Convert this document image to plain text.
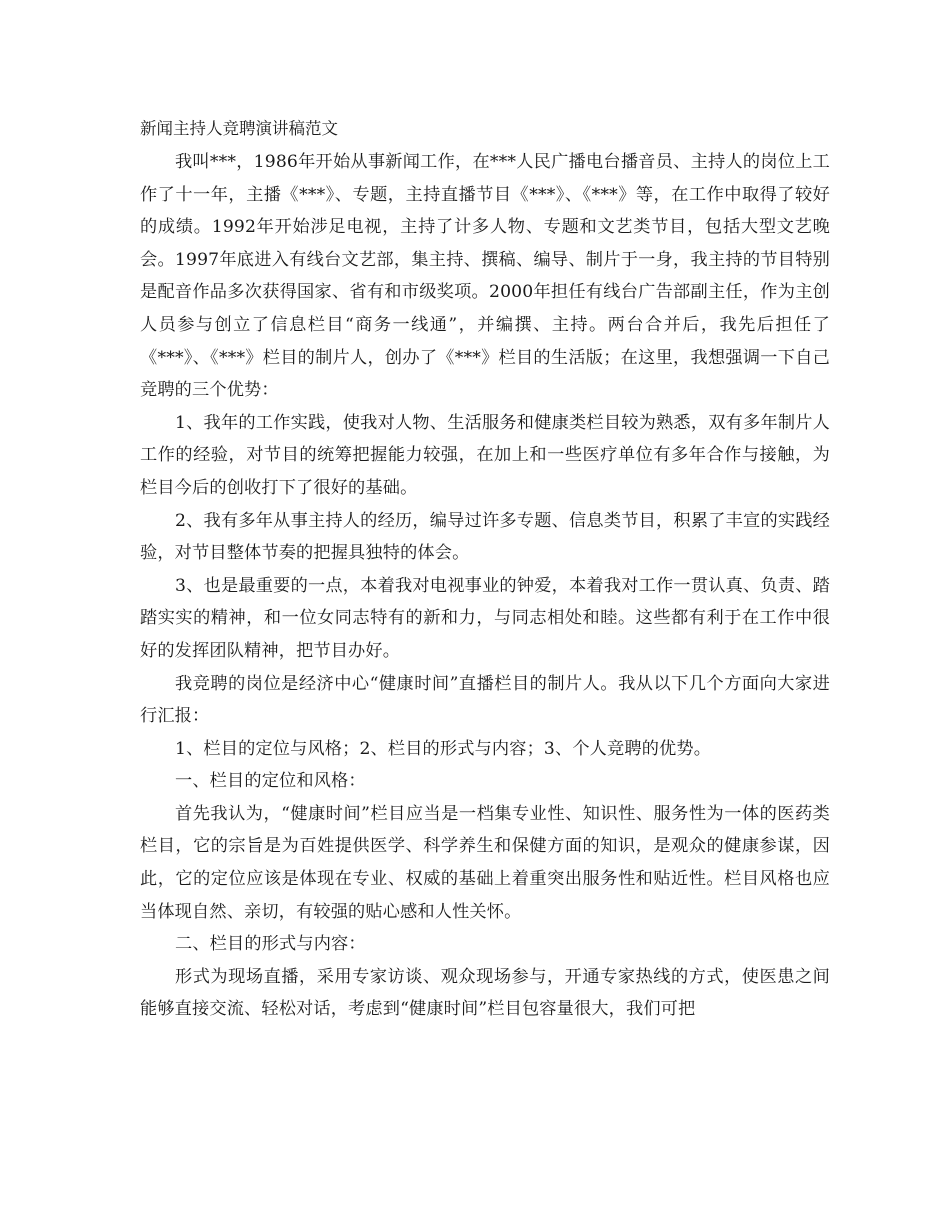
新闻主持人竞聘演讲稿范文

我叫***，1986年开始从事新闻工作，在***人民广播电台播音员、主持人的岗位上工作了十一年，主播《***》、专题，主持直播节目《***》、《***》等，在工作中取得了较好的成绩。1992年开始涉足电视，主持了计多人物、专题和文艺类节目，包括大型文艺晚会。1997年底进入有线台文艺部，集主持、撰稿、编导、制片于一身，我主持的节目特别是配音作品多次获得国家、省有和市级奖项。2000年担任有线台广告部副主任，作为主创人员参与创立了信息栏目“商务一线通”，并编撰、主持。两台合并后，我先后担任了《***》、《***》栏目的制片人，创办了《***》栏目的生活版；在这里，我想强调一下自己竞聘的三个优势：

1、我年的工作实践，使我对人物、生活服务和健康类栏目较为熟悉，双有多年制片人工作的经验，对节目的统筹把握能力较强，在加上和一些医疗单位有多年合作与接触，为栏目今后的创收打下了很好的基础。

2、我有多年从事主持人的经历，编导过许多专题、信息类节目，积累了丰宣的实践经验，对节目整体节奏的把握具独特的体会。

3、也是最重要的一点，本着我对电视事业的钟爱，本着我对工作一贯认真、负责、踏踏实实的精神，和一位女同志特有的新和力，与同志相处和睦。这些都有利于在工作中很好的发挥团队精神，把节目办好。

我竞聘的岗位是经济中心“健康时间”直播栏目的制片人。我从以下几个方面向大家进行汇报：

1、栏目的定位与风格；2、栏目的形式与内容；3、个人竞聘的优势。

一、栏目的定位和风格：

首先我认为，“健康时间”栏目应当是一档集专业性、知识性、服务性为一体的医药类栏目，它的宗旨是为百姓提供医学、科学养生和保健方面的知识，是观众的健康参谋，因此，它的定位应该是体现在专业、权威的基础上着重突出服务性和贴近性。栏目风格也应当体现自然、亲切，有较强的贴心感和人性关怀。

二、栏目的形式与内容：

形式为现场直播，采用专家访谈、观众现场参与，开通专家热线的方式，使医患之间能够直接交流、轻松对话，考虑到“健康时间”栏目包容量很大，我们可把
